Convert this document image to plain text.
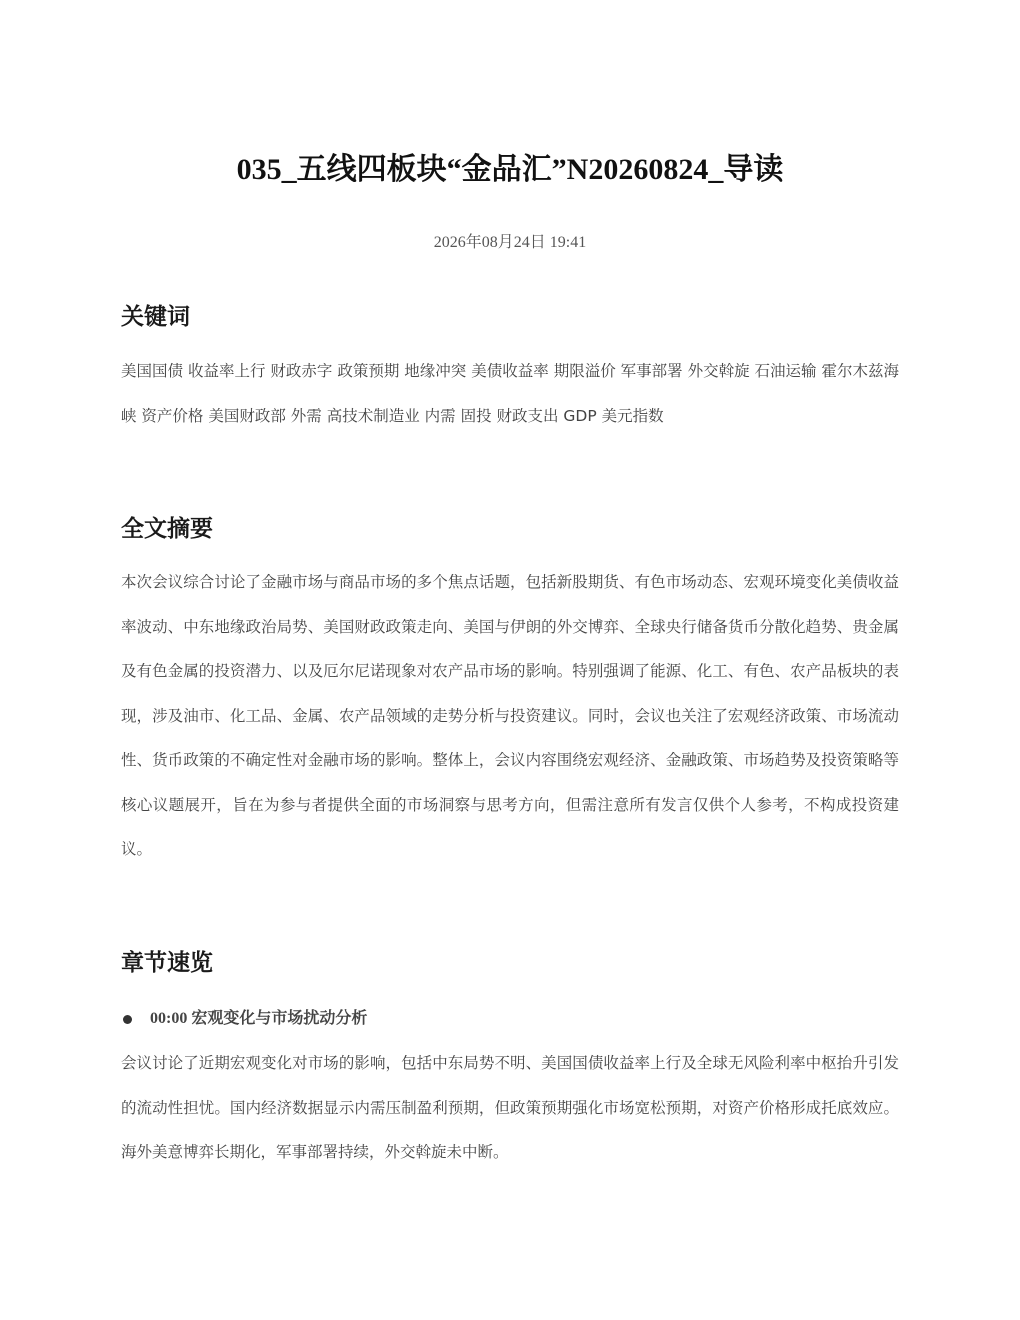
035_五线四板块“金品汇”N20260824_导读
2026年08月24日 19:41
关键词

美国国债 收益率上行 财政赤字 政策预期 地缘冲突 美债收益率 期限溢价 军事部署 外交斡旋 石油运输 霍尔木兹海峡 资产价格 美国财政部 外需 高技术制造业 内需 固投 财政支出 GDP 美元指数

全文摘要

本次会议综合讨论了金融市场与商品市场的多个焦点话题，包括新股期货、有色市场动态、宏观环境变化美债收益率波动、中东地缘政治局势、美国财政政策走向、美国与伊朗的外交博弈、全球央行储备货币分散化趋势、贵金属及有色金属的投资潜力、以及厄尔尼诺现象对农产品市场的影响。特别强调了能源、化工、有色、农产品板块的表现，涉及油市、化工品、金属、农产品领域的走势分析与投资建议。同时，会议也关注了宏观经济政策、市场流动性、货币政策的不确定性对金融市场的影响。整体上，会议内容围绕宏观经济、金融政策、市场趋势及投资策略等核心议题展开，旨在为参与者提供全面的市场洞察与思考方向，但需注意所有发言仅供个人参考，不构成投资建议。

章节速览
00:00 宏观变化与市场扰动分析

会议讨论了近期宏观变化对市场的影响，包括中东局势不明、美国国债收益率上行及全球无风险利率中枢抬升引发的流动性担忧。国内经济数据显示内需压制盈利预期，但政策预期强化市场宽松预期，对资产价格形成托底效应。海外美意博弈长期化，军事部署持续，外交斡旋未中断。
